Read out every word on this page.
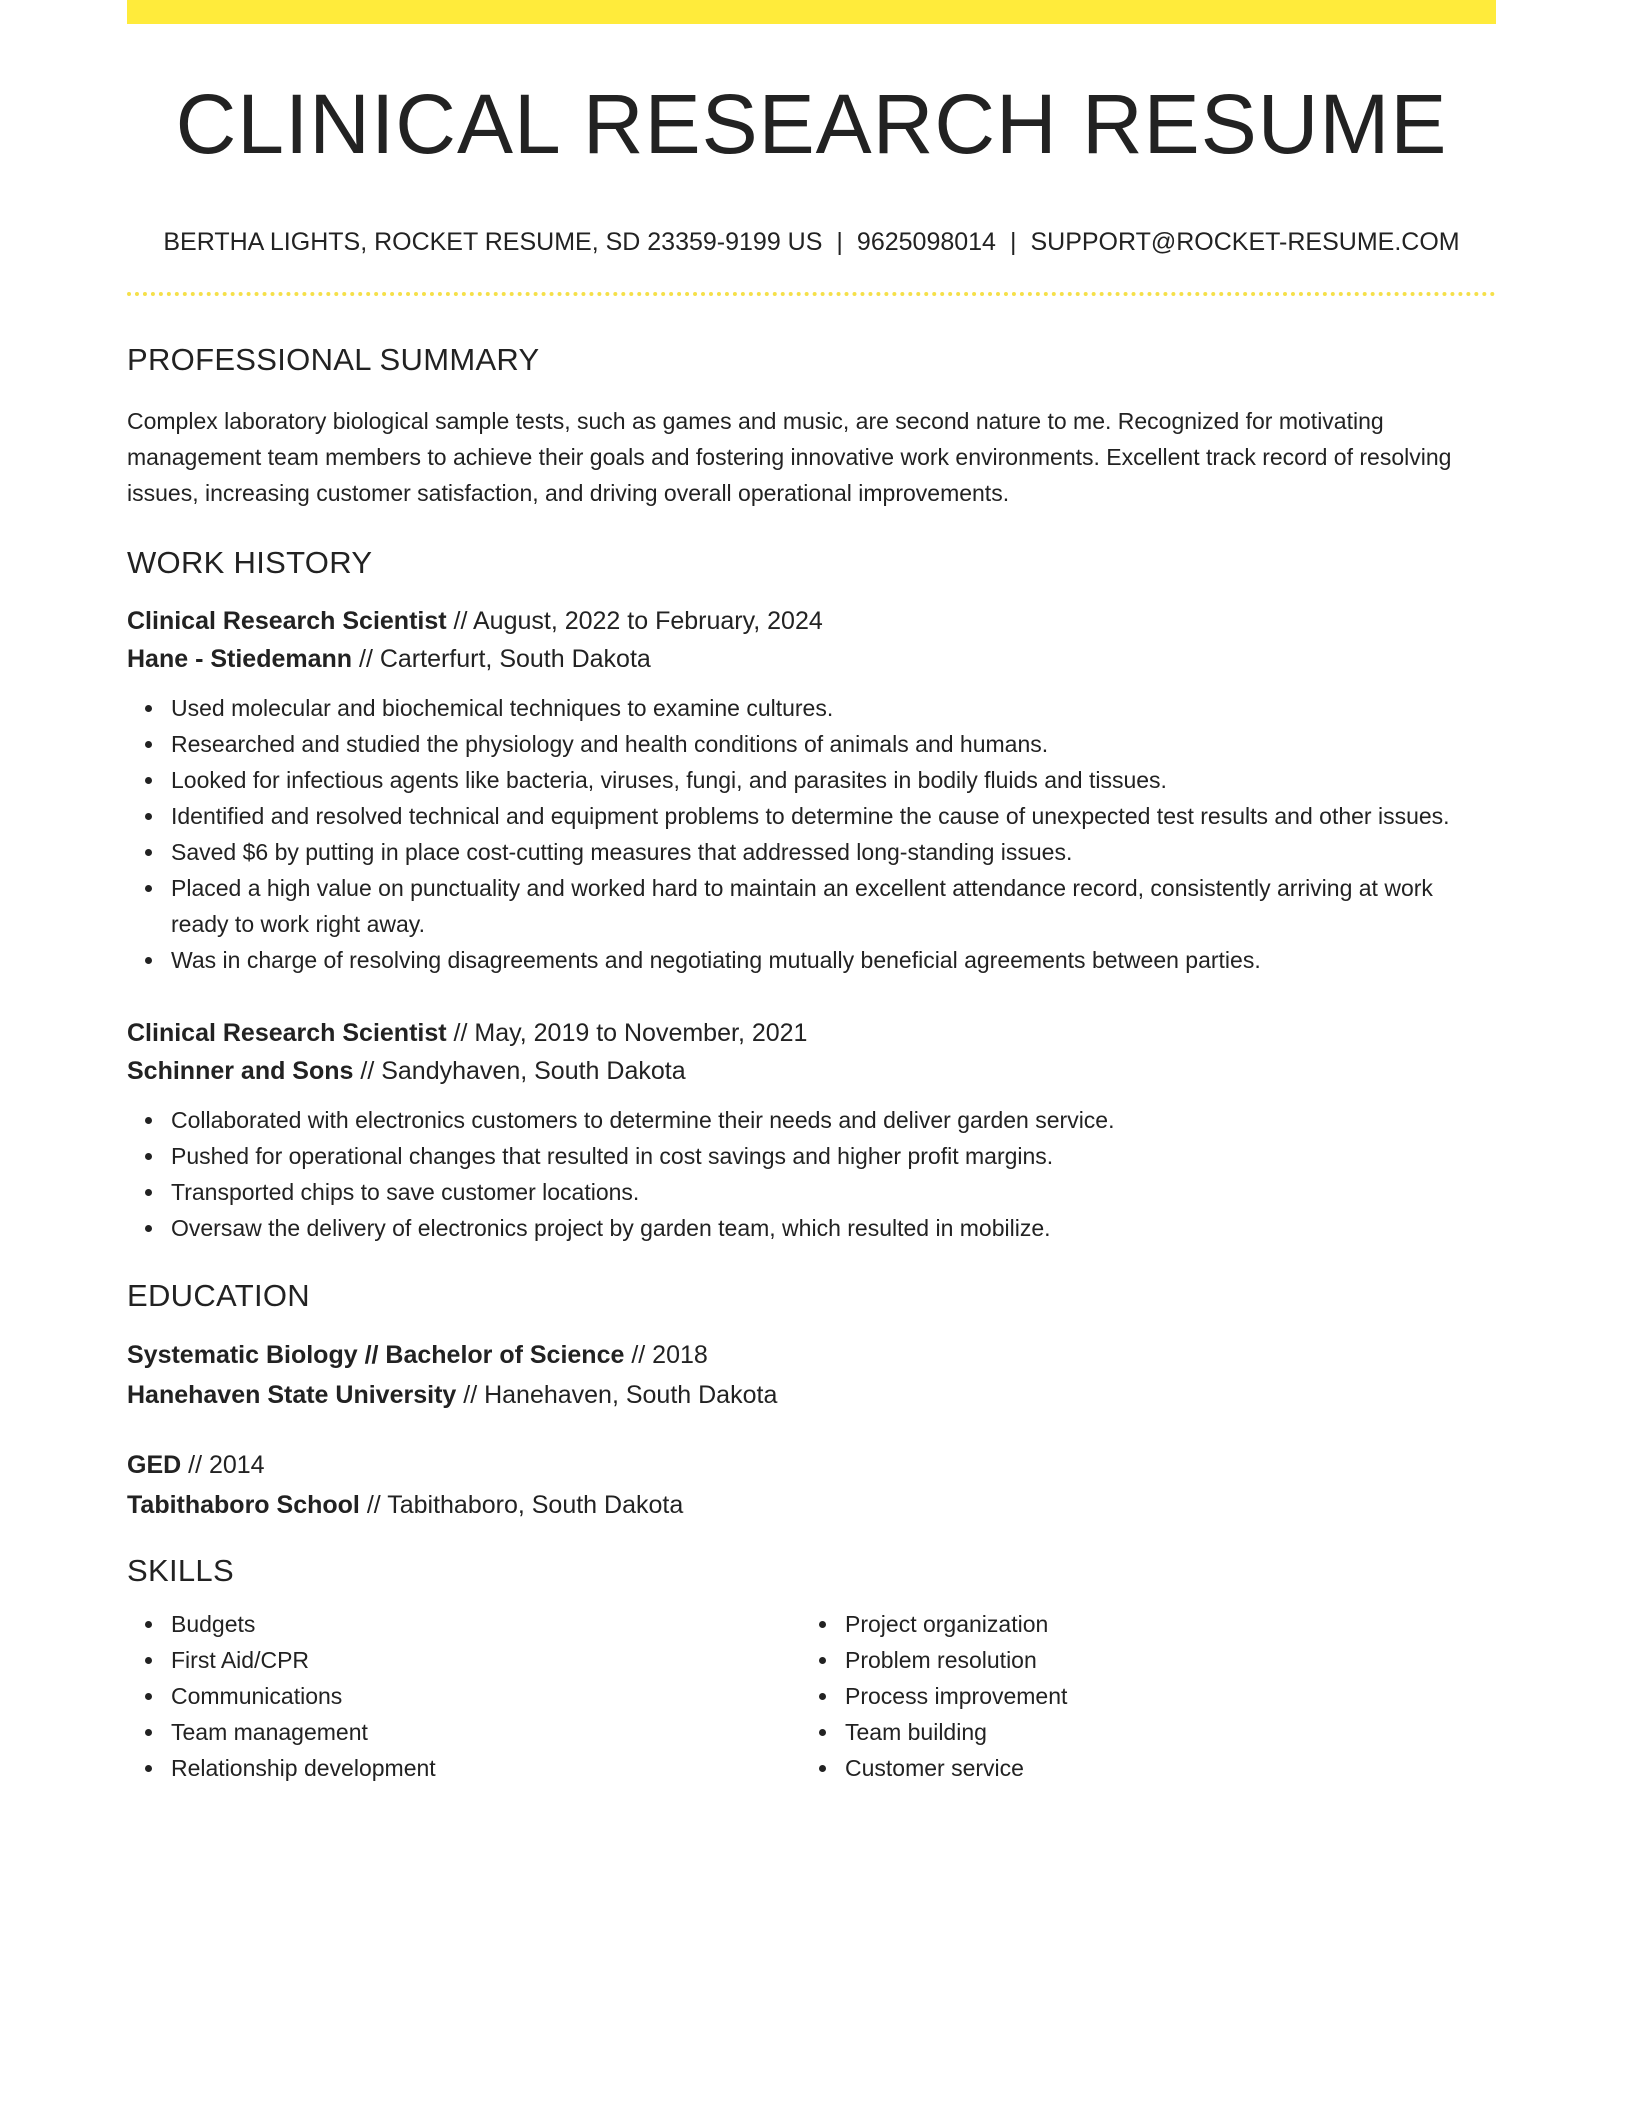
CLINICAL RESEARCH RESUME
BERTHA LIGHTS, ROCKET RESUME, SD 23359-9199 US | 9625098014 | SUPPORT@ROCKET-RESUME.COM
PROFESSIONAL SUMMARY
Complex laboratory biological sample tests, such as games and music, are second nature to me. Recognized for motivating management team members to achieve their goals and fostering innovative work environments. Excellent track record of resolving issues, increasing customer satisfaction, and driving overall operational improvements.
WORK HISTORY
Clinical Research Scientist // August, 2022 to February, 2024
Hane - Stiedemann // Carterfurt, South Dakota
Used molecular and biochemical techniques to examine cultures.
Researched and studied the physiology and health conditions of animals and humans.
Looked for infectious agents like bacteria, viruses, fungi, and parasites in bodily fluids and tissues.
Identified and resolved technical and equipment problems to determine the cause of unexpected test results and other issues.
Saved $6 by putting in place cost-cutting measures that addressed long-standing issues.
Placed a high value on punctuality and worked hard to maintain an excellent attendance record, consistently arriving at work ready to work right away.
Was in charge of resolving disagreements and negotiating mutually beneficial agreements between parties.
Clinical Research Scientist // May, 2019 to November, 2021
Schinner and Sons // Sandyhaven, South Dakota
Collaborated with electronics customers to determine their needs and deliver garden service.
Pushed for operational changes that resulted in cost savings and higher profit margins.
Transported chips to save customer locations.
Oversaw the delivery of electronics project by garden team, which resulted in mobilize.
EDUCATION
Systematic Biology // Bachelor of Science // 2018
Hanehaven State University // Hanehaven, South Dakota
GED // 2014
Tabithaboro School // Tabithaboro, South Dakota
SKILLS
Budgets
First Aid/CPR
Communications
Team management
Relationship development
Project organization
Problem resolution
Process improvement
Team building
Customer service
